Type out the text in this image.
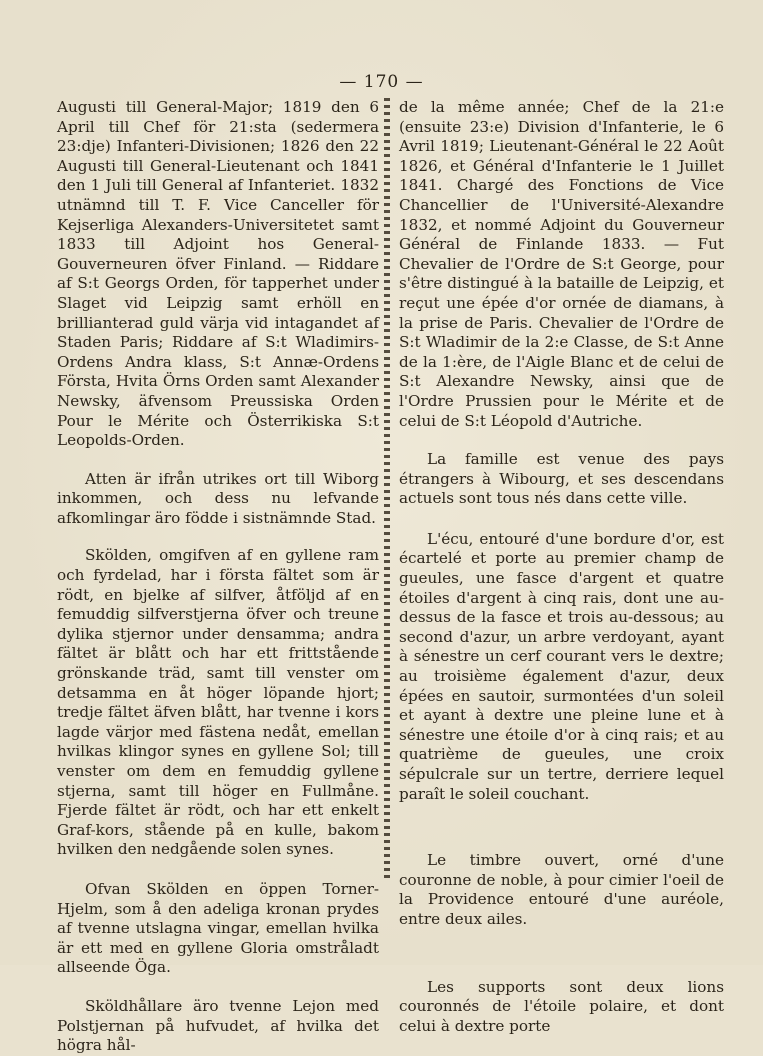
— 170 —

Augusti till General-Major; 1819 den 6 April till Chef för 21:sta (sedermera 23:dje) Infanteri-Divisionen; 1826 den 22 Augusti till General-Lieutenant och 1841 den 1 Juli till General af Infanteriet. 1832 utnämnd till T. F. Vice Canceller för Kejserliga Alexanders-Universitetet samt 1833 till Adjoint hos General-Gouverneuren öfver Finland. — Riddare af S:t Georgs Orden, för tapperhet under Slaget vid Leipzig samt erhöll en brillianterad guld värja vid intagandet af Staden Paris; Riddare af S:t Wladimirs-Ordens Andra klass, S:t Annæ-Ordens Första, Hvita Örns Orden samt Alexander Newsky, äfvensom Preussiska Orden Pour le Mérite och Österrikiska S:t Leopolds-Orden.

Atten är ifrån utrikes ort till Wiborg inkommen, och dess nu lefvande afkomlingar äro födde i sistnämnde Stad.

Skölden, omgifven af en gyllene ram och fyrdelad, har i första fältet som är rödt, en bjelke af silfver, åtföljd af en femuddig silfverstjerna öfver och treune dylika stjernor under densamma; andra fältet är blått och har ett frittstående grönskande träd, samt till venster om detsamma en åt höger löpande hjort; tredje fältet äfven blått, har tvenne i kors lagde värjor med fästena nedåt, emellan hvilkas klingor synes en gyllene Sol; till venster om dem en femuddig gyllene stjerna, samt till höger en Fullmåne. Fjerde fältet är rödt, och har ett enkelt Graf-kors, stående på en kulle, bakom hvilken den nedgående solen synes.

Ofvan Skölden en öppen Torner-Hjelm, som å den adeliga kronan prydes af tvenne utslagna vingar, emellan hvilka är ett med en gyllene Gloria omstråladt allseende Öga.

Sköldhållare äro tvenne Lejon med Polstjernan på hufvudet, af hvilka det högra hål-

de la même année; Chef de la 21:e (ensuite 23:e) Division d'Infanterie, le 6 Avril 1819; Lieutenant-Général le 22 Août 1826, et Général d'Infanterie le 1 Juillet 1841. Chargé des Fonctions de Vice Chancellier de l'Université-Alexandre 1832, et nommé Adjoint du Gouverneur Général de Finlande 1833. — Fut Chevalier de l'Ordre de S:t George, pour s'être distingué à la bataille de Leipzig, et reçut une épée d'or ornée de diamans, à la prise de Paris. Chevalier de l'Ordre de S:t Wladimir de la 2:e Classe, de S:t Anne de la 1:ère, de l'Aigle Blanc et de celui de S:t Alexandre Newsky, ainsi que de l'Ordre Prussien pour le Mérite et de celui de S:t Léopold d'Autriche.

La famille est venue des pays étrangers à Wibourg, et ses descendans actuels sont tous nés dans cette ville.

L'écu, entouré d'une bordure d'or, est écartelé et porte au premier champ de gueules, une fasce d'argent et quatre étoiles d'argent à cinq rais, dont une au-dessus de la fasce et trois au-dessous; au second d'azur, un arbre verdoyant, ayant à sénestre un cerf courant vers le dextre; au troisième également d'azur, deux épées en sautoir, surmontées d'un soleil et ayant à dextre une pleine lune et à sénestre une étoile d'or à cinq rais; et au quatrième de gueules, une croix sépulcrale sur un tertre, derriere lequel paraît le soleil couchant.

Le timbre ouvert, orné d'une couronne de noble, à pour cimier l'oeil de la Providence entouré d'une auréole, entre deux ailes.

Les supports sont deux lions couronnés de l'étoile polaire, et dont celui à dextre porte
